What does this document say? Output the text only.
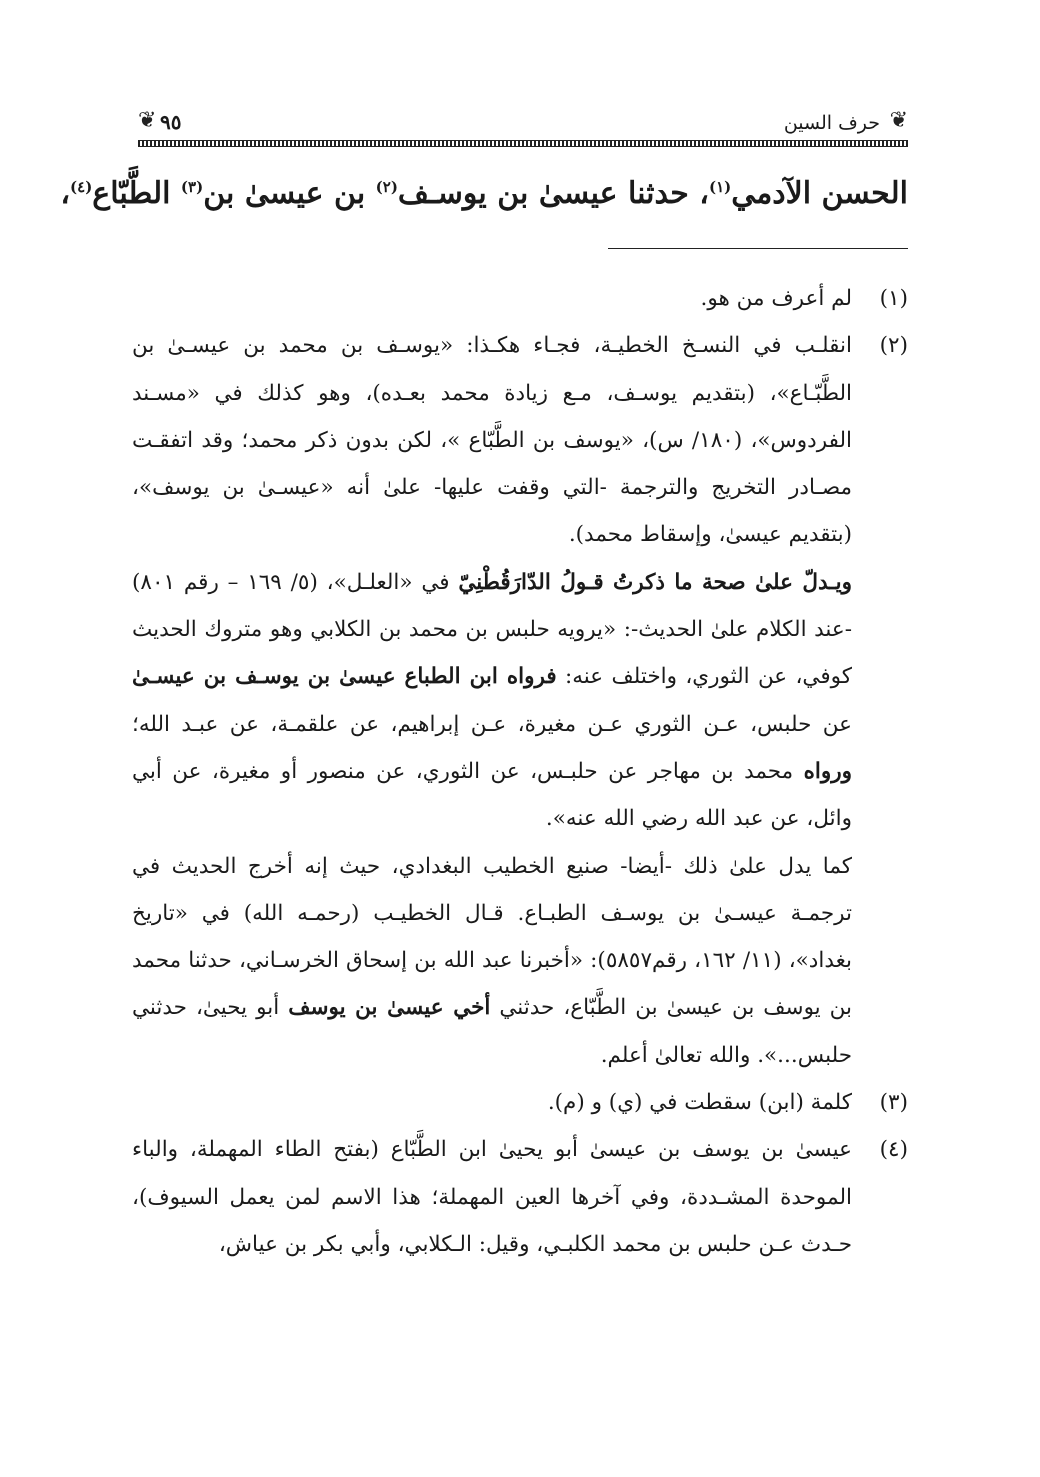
❦
حرف السين
٩٥
❦
الحسن الآدمي$^{(١)}$، حدثنا عيسىٰ بن يوسـف$^{(٢)}$ بن عيسىٰ بن$^{(٣)}$ الطَّبّاع$^{(٤)}$،
(١)
لم أعرف من هو.
(٢)
انقلـب في النسـخ الخطيـة، فجـاء هكـذا: «يوسـف بن محمد بن عيسـىٰ بن الطَّبّـاع»، (بتقديم يوسـف، مـع زيادة محمد بعـده)، وهو كذلك في «مسـند الفردوس»، (١٨٠/ س)، «يوسف بن الطَّبّاع »، لكن بدون ذكر محمد؛ وقد اتفقـت مصـادر التخريج والترجمة -التي وقفت عليها- علىٰ أنه «عيسـىٰ بن يوسف»، (بتقديم عيسىٰ، وإسقاط محمد).
ويـدلّ علىٰ صحة ما ذكرتُ قـولُ الدّارَقُطْنِيّ في «العلـل»، (٥/ ١٦٩ – رقم ٨٠١) -عند الكلام علىٰ الحديث-: «يرويه حلبس بن محمد بن الكلابي وهو متروك الحديث كوفي، عن الثوري، واختلف عنه: فرواه ابن الطباع عيسىٰ بن يوسـف بن عيسـىٰ عن حلبس، عـن الثوري عـن مغيرة، عـن إبراهيم، عن علقمـة، عن عبـد الله؛ ورواه محمد بن مهاجر عن حلبـس، عن الثوري، عن منصور أو مغيرة، عن أبي وائل، عن عبد الله رضي الله عنه».
كما يدل علىٰ ذلك -أيضا- صنيع الخطيب البغدادي، حيث إنه أخرج الحديث في ترجمـة عيسـىٰ بن يوسـف الطبـاع. قـال الخطيـب (رحمـه الله) في «تاريخ بغداد»، (١١/ ١٦٢، رقم٥٨٥٧): «أخبرنا عبد الله بن إسحاق الخرسـاني، حدثنا محمد بن يوسف بن عيسىٰ بن الطَّبّاع، حدثني أخي عيسىٰ بن يوسف أبو يحيىٰ، حدثني حلبس...». والله تعالىٰ أعلم.
(٣)
كلمة (ابن) سقطت في (ي) و (م).
(٤)
عيسىٰ بن يوسف بن عيسىٰ أبو يحيىٰ ابن الطَّبّاع (بفتح الطاء المهملة، والباء الموحدة المشـددة، وفي آخرها العين المهملة؛ هذا الاسم لمن يعمل السيوف)، حـدث عـن حلبس بن محمد الكلبـي، وقيل: الـكلابي، وأبي بكر بن عياش،
